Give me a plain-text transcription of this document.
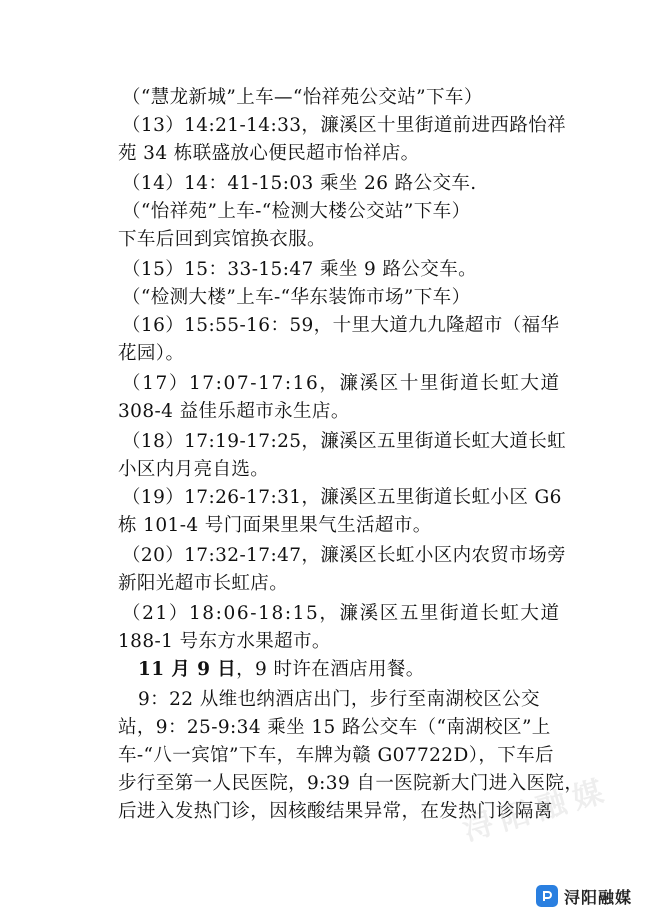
（“慧龙新城”上车—“怡祥苑公交站”下车）
（13）14:21-14:33，濂溪区十里街道前进西路怡祥
苑 34 栋联盛放心便民超市怡祥店。
（14）14：41-15:03 乘坐 26 路公交车.
（“怡祥苑”上车-“检测大楼公交站”下车）
下车后回到宾馆换衣服。
（15）15：33-15:47 乘坐 9 路公交车。
（“检测大楼”上车-“华东装饰市场”下车）
（16）15:55-16：59，十里大道九九隆超市（福华
花园）。
（17）17:07-17:16，濂溪区十里街道长虹大道
308-4 益佳乐超市永生店。
（18）17:19-17:25，濂溪区五里街道长虹大道长虹
小区内月亮自选。
（19）17:26-17:31，濂溪区五里街道长虹小区 G6
栋 101-4 号门面果里果气生活超市。
（20）17:32-17:47，濂溪区长虹小区内农贸市场旁
新阳光超市长虹店。
（21）18:06-18:15，濂溪区五里街道长虹大道
188-1 号东方水果超市。
11 月 9 日，9 时许在酒店用餐。
9：22 从维也纳酒店出门，步行至南湖校区公交
站，9：25-9:34 乘坐 15 路公交车（“南湖校区”上
车-“八一宾馆”下车，车牌为赣 G07722D），下车后
步行至第一人民医院，9:39 自一医院新大门进入医院，
后进入发热门诊，因核酸结果异常，在发热门诊隔离
浔阳融媒
浔阳融媒
